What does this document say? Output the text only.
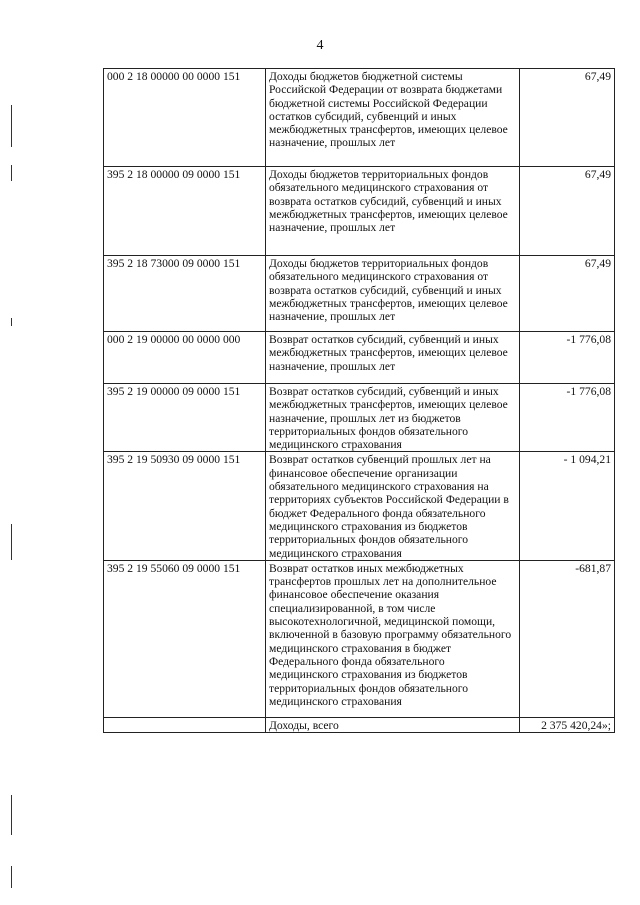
4
000 2 18 00000 00 0000 151	Доходы бюджетов бюджетной системы Российской Федерации от возврата бюджетами бюджетной системы Российской Федерации остатков субсидий, субвенций и иных межбюджетных трансфертов, имеющих целевое назначение, прошлых лет	67,49
395 2 18 00000 09 0000 151	Доходы бюджетов территориальных фондов обязательного медицинского страхования от возврата остатков субсидий, субвенций и иных межбюджетных трансфертов, имеющих целевое назначение, прошлых лет	67,49
395 2 18 73000 09 0000 151	Доходы бюджетов территориальных фондов обязательного медицинского страхования от возврата остатков субсидий, субвенций и иных межбюджетных трансфертов, имеющих целевое назначение, прошлых лет	67,49
000 2 19 00000 00 0000 000	Возврат остатков субсидий, субвенций и иных межбюджетных трансфертов, имеющих целевое назначение, прошлых лет	-1 776,08
395 2 19 00000 09 0000 151	Возврат остатков субсидий, субвенций и иных межбюджетных трансфертов, имеющих целевое назначение, прошлых лет из бюджетов территориальных фондов обязательного медицинского страхования	-1 776,08
395 2 19 50930 09 0000 151	Возврат остатков субвенций прошлых лет на финансовое обеспечение организации обязательного медицинского страхования на территориях субъектов Российской Федерации в бюджет Федерального фонда обязательного медицинского страхования из бюджетов территориальных фондов обязательного медицинского страхования	- 1 094,21
395 2 19 55060 09 0000 151	Возврат остатков иных межбюджетных трансфертов прошлых лет на дополнительное финансовое обеспечение оказания специализированной, в том числе высокотехнологичной, медицинской помощи, включенной в базовую программу обязательного медицинского страхования в бюджет Федерального фонда обязательного медицинского страхования из бюджетов территориальных фондов обязательного медицинского страхования	-681,87
	Доходы, всего	2 375 420,24»;
